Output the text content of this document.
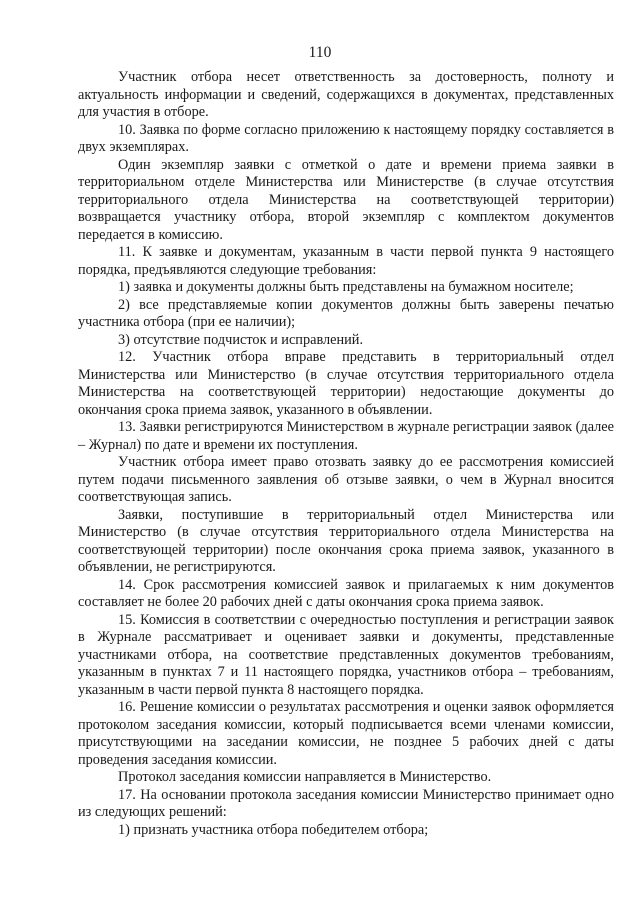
110

Участник отбора несет ответственность за достоверность, полноту и актуальность информации и сведений, содержащихся в документах, представленных для участия в отборе.

10. Заявка по форме согласно приложению к настоящему порядку составляется в двух экземплярах.

Один экземпляр заявки с отметкой о дате и времени приема заявки в территориальном отделе Министерства или Министерстве (в случае отсутствия территориального отдела Министерства на соответствующей территории) возвращается участнику отбора, второй экземпляр с комплектом документов передается в комиссию.

11. К заявке и документам, указанным в части первой пункта 9 настоящего порядка, предъявляются следующие требования:

1) заявка и документы должны быть представлены на бумажном носителе;

2) все представляемые копии документов должны быть заверены печатью участника отбора (при ее наличии);

3) отсутствие подчисток и исправлений.

12. Участник отбора вправе представить в территориальный отдел Министерства или Министерство (в случае отсутствия территориального отдела Министерства на соответствующей территории) недостающие документы до окончания срока приема заявок, указанного в объявлении.

13. Заявки регистрируются Министерством в журнале регистрации заявок (далее – Журнал) по дате и времени их поступления.

Участник отбора имеет право отозвать заявку до ее рассмотрения комиссией путем подачи письменного заявления об отзыве заявки, о чем в Журнал вносится соответствующая запись.

Заявки, поступившие в территориальный отдел Министерства или Министерство (в случае отсутствия территориального отдела Министерства на соответствующей территории) после окончания срока приема заявок, указанного в объявлении, не регистрируются.

14. Срок рассмотрения комиссией заявок и прилагаемых к ним документов составляет не более 20 рабочих дней с даты окончания срока приема заявок.

15. Комиссия в соответствии с очередностью поступления и регистрации заявок в Журнале рассматривает и оценивает заявки и документы, представленные участниками отбора, на соответствие представленных документов требованиям, указанным в пунктах 7 и 11 настоящего порядка, участников отбора – требованиям, указанным в части первой пункта 8 настоящего порядка.

16. Решение комиссии о результатах рассмотрения и оценки заявок оформляется протоколом заседания комиссии, который подписывается всеми членами комиссии, присутствующими на заседании комиссии, не позднее 5 рабочих дней с даты проведения заседания комиссии.

Протокол заседания комиссии направляется в Министерство.

17. На основании протокола заседания комиссии Министерство принимает одно из следующих решений:

1) признать участника отбора победителем отбора;
